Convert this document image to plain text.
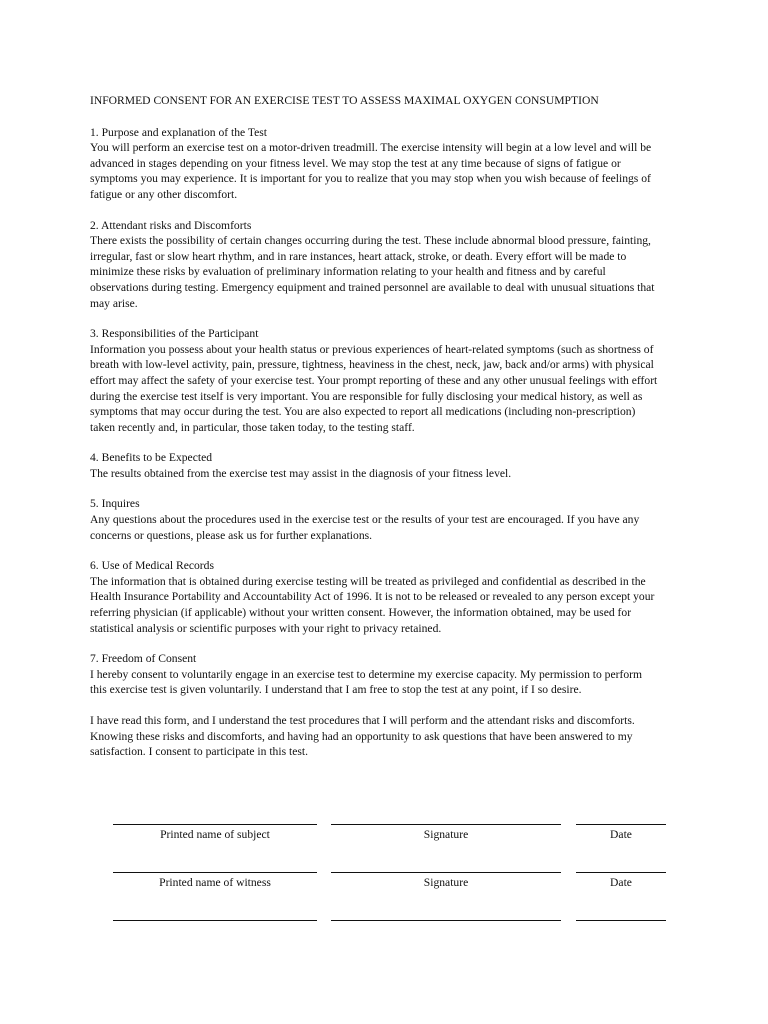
INFORMED CONSENT FOR AN EXERCISE TEST TO ASSESS MAXIMAL OXYGEN CONSUMPTION
1. Purpose and explanation of the Test
You will perform an exercise test on a motor-driven treadmill. The exercise intensity will begin at a low level and will be advanced in stages depending on your fitness level. We may stop the test at any time because of signs of fatigue or symptoms you may experience. It is important for you to realize that you may stop when you wish because of feelings of fatigue or any other discomfort.
2. Attendant risks and Discomforts
There exists the possibility of certain changes occurring during the test. These include abnormal blood pressure, fainting, irregular, fast or slow heart rhythm, and in rare instances, heart attack, stroke, or death. Every effort will be made to minimize these risks by evaluation of preliminary information relating to your health and fitness and by careful observations during testing. Emergency equipment and trained personnel are available to deal with unusual situations that may arise.
3. Responsibilities of the Participant
Information you possess about your health status or previous experiences of heart-related symptoms (such as shortness of breath with low-level activity, pain, pressure, tightness, heaviness in the chest, neck, jaw, back and/or arms) with physical effort may affect the safety of your exercise test. Your prompt reporting of these and any other unusual feelings with effort during the exercise test itself is very important. You are responsible for fully disclosing your medical history, as well as symptoms that may occur during the test. You are also expected to report all medications (including non-prescription) taken recently and, in particular, those taken today, to the testing staff.
4. Benefits to be Expected
The results obtained from the exercise test may assist in the diagnosis of your fitness level.
5. Inquires
Any questions about the procedures used in the exercise test or the results of your test are encouraged. If you have any concerns or questions, please ask us for further explanations.
6. Use of Medical Records
The information that is obtained during exercise testing will be treated as privileged and confidential as described in the Health Insurance Portability and Accountability Act of 1996. It is not to be released or revealed to any person except your referring physician (if applicable) without your written consent. However, the information obtained, may be used for statistical analysis or scientific purposes with your right to privacy retained.
7. Freedom of Consent
I hereby consent to voluntarily engage in an exercise test to determine my exercise capacity. My permission to perform this exercise test is given voluntarily. I understand that I am free to stop the test at any point, if I so desire.

I have read this form, and I understand the test procedures that I will perform and the attendant risks and discomforts. Knowing these risks and discomforts, and having had an opportunity to ask questions that have been answered to my satisfaction. I consent to participate in this test.

Printed name of subject	Signature	Date
Printed name of witness	Signature	Date
